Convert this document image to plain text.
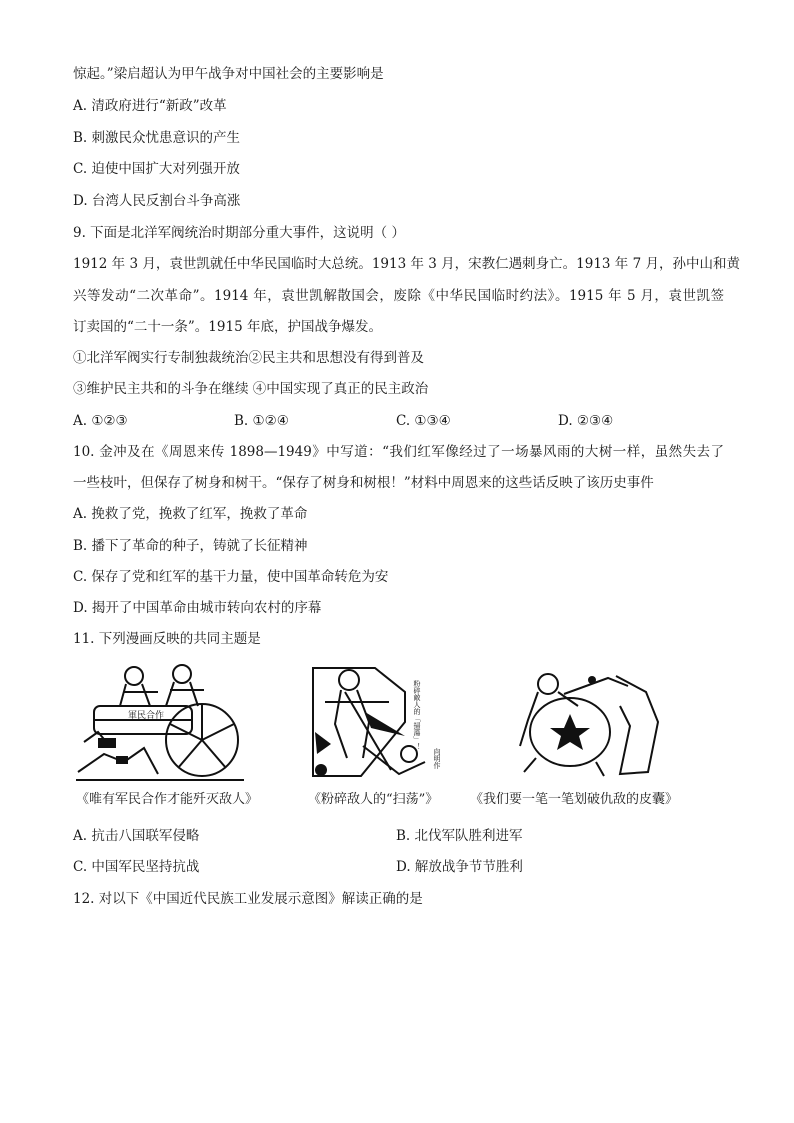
惊起。”梁启超认为甲午战争对中国社会的主要影响是
A. 清政府进行“新政”改革
B. 刺激民众忧患意识的产生
C. 迫使中国扩大对列强开放
D. 台湾人民反割台斗争高涨
9. 下面是北洋军阀统治时期部分重大事件，这说明（ ）
1912 年 3 月，袁世凯就任中华民国临时大总统。1913 年 3 月，宋教仁遇刺身亡。1913 年 7 月，孙中山和黄
兴等发动“二次革命”。1914 年，袁世凯解散国会，废除《中华民国临时约法》。1915 年 5 月，袁世凯签
订卖国的“二十一条”。1915 年底，护国战争爆发。
①北洋军阀实行专制独裁统治②民主共和思想没有得到普及
③维护民主共和的斗争在继续 ④中国实现了真正的民主政治
A. ①②③	B. ①②④	C. ①③④	D. ②③④
10. 金冲及在《周恩来传 1898—1949》中写道：“我们红军像经过了一场暴风雨的大树一样，虽然失去了
一些枝叶，但保存了树身和树干。“保存了树身和树根！”材料中周恩来的这些话反映了该历史事件
A. 挽救了党，挽救了红军，挽救了革命
B. 播下了革命的种子，铸就了长征精神
C. 保存了党和红军的基干力量，使中国革命转危为安
D. 揭开了中国革命由城市转向农村的序幕
11. 下列漫画反映的共同主题是
軍民合作	粉碎敵人的「掃蕩」！
向明作
《唯有军民合作才能歼灭敌人》	《粉碎敌人的“扫荡”》 《我们要一笔一笔划破仇敌的皮囊》
A. 抗击八国联军侵略	B. 北伐军队胜利进军
C. 中国军民坚持抗战	D. 解放战争节节胜利
12. 对以下《中国近代民族工业发展示意图》解读正确的是
